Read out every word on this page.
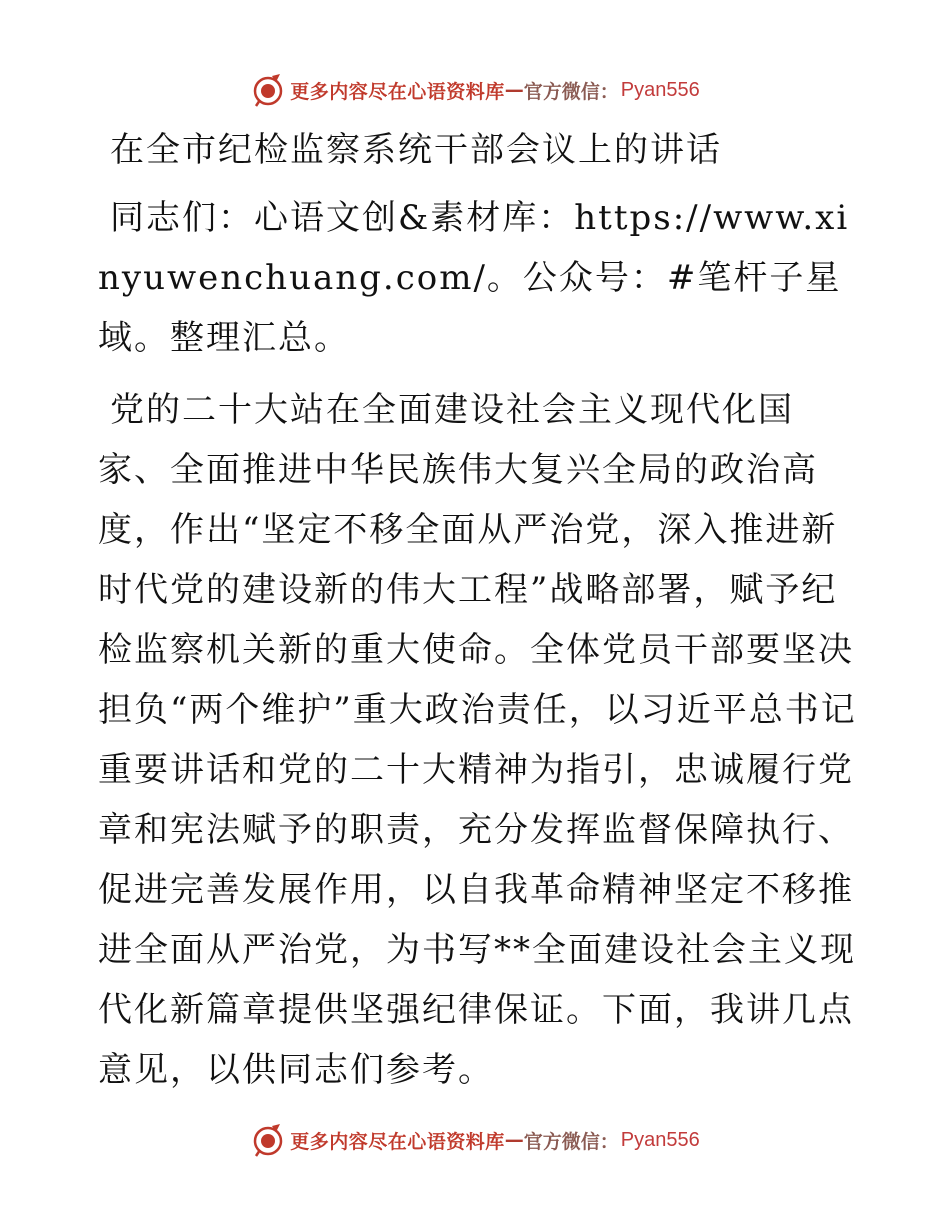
更多内容尽在心语资料库 — 官方微信： Pyan556

在全市纪检监察系统干部会议上的讲话

同志们：心语文创&素材库：https://www.xinyuwenchuang.com/。公众号：#笔杆子星域。整理汇总。

党的二十大站在全面建设社会主义现代化国家、全面推进中华民族伟大复兴全局的政治高度，作出“坚定不移全面从严治党，深入推进新时代党的建设新的伟大工程”战略部署，赋予纪检监察机关新的重大使命。全体党员干部要坚决担负“两个维护”重大政治责任，以习近平总书记重要讲话和党的二十大精神为指引，忠诚履行党章和宪法赋予的职责，充分发挥监督保障执行、促进完善发展作用，以自我革命精神坚定不移推进全面从严治党，为书写**全面建设社会主义现代化新篇章提供坚强纪律保证。下面，我讲几点意见，以供同志们参考。

更多内容尽在心语资料库 — 官方微信： Pyan556
